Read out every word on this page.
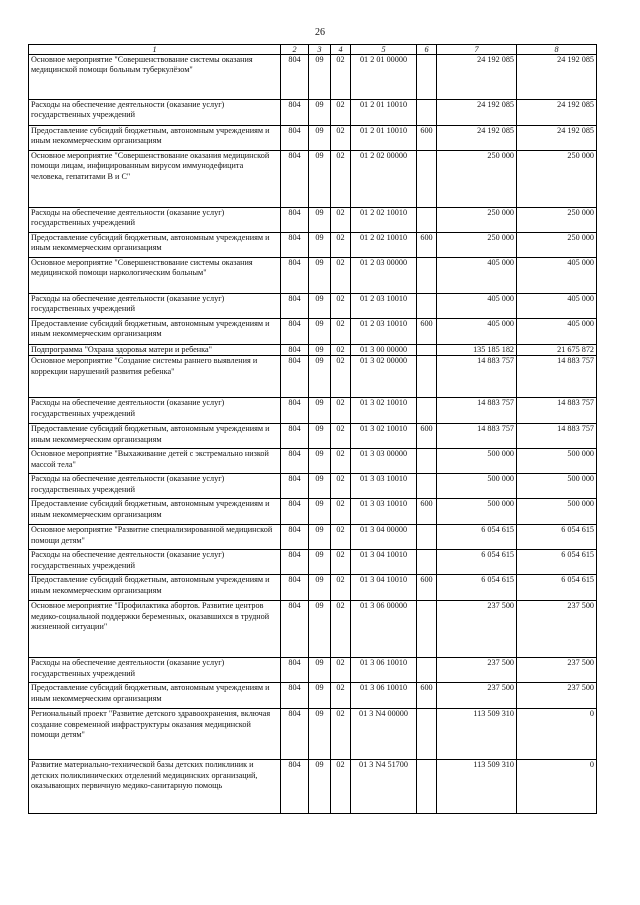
26
1	2	3	4	5	6	7	8
Основное мероприятие "Совершенствование системы оказания медицинской помощи больным туберкулёзом"	804	09	02	01 2 01 00000		24 192 085	24 192 085
Расходы на обеспечение деятельности (оказание услуг) государственных учреждений	804	09	02	01 2 01 10010		24 192 085	24 192 085
Предоставление субсидий бюджетным, автономным учреждениям и иным некоммерческим организациям	804	09	02	01 2 01 10010	600	24 192 085	24 192 085
Основное мероприятие "Совершенствование оказания медицинской помощи лицам, инфицированным вирусом иммунодефицита человека, гепатитами В и С"	804	09	02	01 2 02 00000		250 000	250 000
Расходы на обеспечение деятельности (оказание услуг) государственных учреждений	804	09	02	01 2 02 10010		250 000	250 000
Предоставление субсидий бюджетным, автономным учреждениям и иным некоммерческим организациям	804	09	02	01 2 02 10010	600	250 000	250 000
Основное мероприятие "Совершенствование системы оказания медицинской помощи наркологическим больным"	804	09	02	01 2 03 00000		405 000	405 000
Расходы на обеспечение деятельности (оказание услуг) государственных учреждений	804	09	02	01 2 03 10010		405 000	405 000
Предоставление субсидий бюджетным, автономным учреждениям и иным некоммерческим организациям	804	09	02	01 2 03 10010	600	405 000	405 000
Подпрограмма "Охрана здоровья матери и ребенка"	804	09	02	01 3 00 00000		135 185 182	21 675 872
Основное мероприятие "Создание системы раннего выявления и коррекции нарушений развития ребенка"	804	09	02	01 3 02 00000		14 883 757	14 883 757
Расходы на обеспечение деятельности (оказание услуг) государственных учреждений	804	09	02	01 3 02 10010		14 883 757	14 883 757
Предоставление субсидий бюджетным, автономным учреждениям и иным некоммерческим организациям	804	09	02	01 3 02 10010	600	14 883 757	14 883 757
Основное мероприятие "Выхаживание детей с экстремально низкой массой тела"	804	09	02	01 3 03 00000		500 000	500 000
Расходы на обеспечение деятельности (оказание услуг) государственных учреждений	804	09	02	01 3 03 10010		500 000	500 000
Предоставление субсидий бюджетным, автономным учреждениям и иным некоммерческим организациям	804	09	02	01 3 03 10010	600	500 000	500 000
Основное мероприятие "Развитие специализированной медицинской помощи детям"	804	09	02	01 3 04 00000		6 054 615	6 054 615
Расходы на обеспечение деятельности (оказание услуг) государственных учреждений	804	09	02	01 3 04 10010		6 054 615	6 054 615
Предоставление субсидий бюджетным, автономным учреждениям и иным некоммерческим организациям	804	09	02	01 3 04 10010	600	6 054 615	6 054 615
Основное мероприятие "Профилактика абортов. Развитие центров медико-социальной поддержки беременных, оказавшихся в трудной жизненной ситуации"	804	09	02	01 3 06 00000		237 500	237 500
Расходы на обеспечение деятельности (оказание услуг) государственных учреждений	804	09	02	01 3 06 10010		237 500	237 500
Предоставление субсидий бюджетным, автономным учреждениям и иным некоммерческим организациям	804	09	02	01 3 06 10010	600	237 500	237 500
Региональный проект "Развитие детского здравоохранения, включая создание современной инфраструктуры оказания медицинской помощи детям"	804	09	02	01 3 N4 00000		113 509 310	0
Развитие материально-технической базы детских поликлиник и детских поликлинических отделений медицинских организаций, оказывающих первичную медико-санитарную помощь	804	09	02	01 3 N4 51700		113 509 310	0
